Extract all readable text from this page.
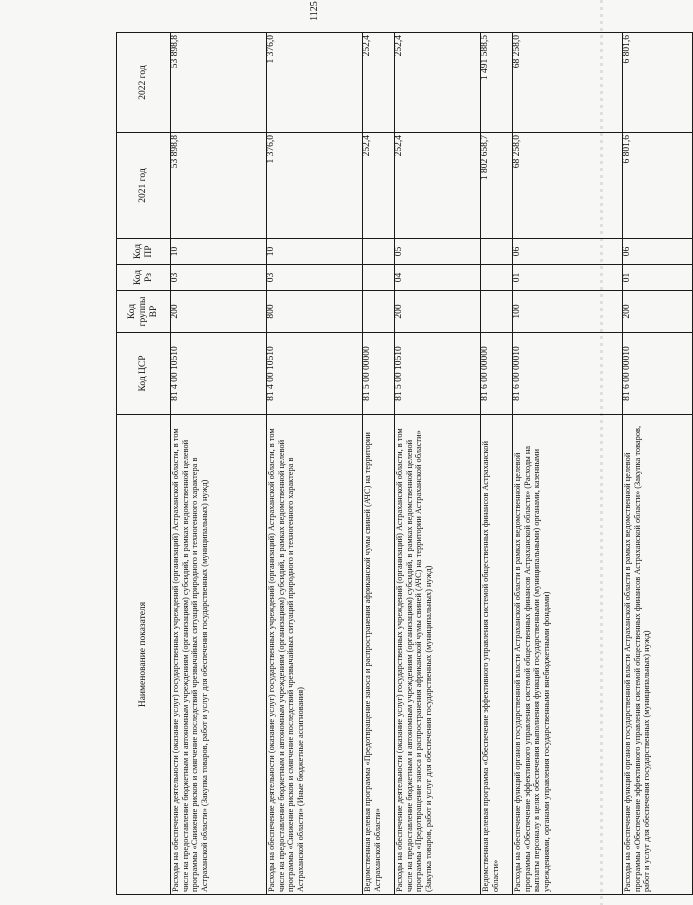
1125
Наименование показателя	Код ЦСР	Код группы ВР	Код Рз	Код ПР	2021 год	2022 год
Расходы на обеспечение деятельности (оказание услуг) государственных учреждений (организаций) Астраханской области, в том числе на предоставление бюджетным и автономным учреждениям (организациям) субсидий, в рамках ведомственной целевой программы «Снижение рисков и смягчение последствий чрезвычайных ситуаций природного и техногенного характера в Астраханской области» (Закупка товаров, работ и услуг для обеспечения государственных (муниципальных) нужд)	81 4 00 10510	200	03	10	53 898,8	53 898,8
Расходы на обеспечение деятельности (оказание услуг) государственных учреждений (организаций) Астраханской области, в том числе на предоставление бюджетным и автономным учреждениям (организациям) субсидий, в рамках ведомственной целевой программы «Снижение рисков и смягчение последствий чрезвычайных ситуаций природного и техногенного характера в Астраханской области» (Иные бюджетные ассигнования)	81 4 00 10510	800	03	10	1 376,0	1 376,0
Ведомственная целевая программа «Предотвращение заноса и распространения африканской чумы свиней (АЧС) на территории Астраханской области»	81 5 00 00000				252,4	252,4
Расходы на обеспечение деятельности (оказание услуг) государственных учреждений (организаций) Астраханской области, в том числе на предоставление бюджетным и автономным учреждениям (организациям) субсидий, в рамках ведомственной целевой программы «Предотвращение заноса и распространения африканской чумы свиней (АЧС) на территории Астраханской области» (Закупка товаров, работ и услуг для обеспечения государственных (муниципальных) нужд)	81 5 00 10510	200	04	05	252,4	252,4
Ведомственная целевая программа «Обеспечение эффективного управления системой общественных финансов Астраханской области»	81 6 00 00000				1 802 658,7	1 491 588,5
Расходы на обеспечение функций органов государственной власти Астраханской области в рамках ведомственной целевой программы «Обеспечение эффективного управления системой общественных финансов Астраханской области» (Расходы на выплаты персоналу в целях обеспечения выполнения функций государственными (муниципальными) органами, казенными учреждениями, органами управления государственными внебюджетными фондами)	81 6 00 00010	100	01	06	68 258,0	68 258,0
Расходы на обеспечение функций органов государственной власти Астраханской области в рамках ведомственной целевой программы «Обеспечение эффективного управления системой общественных финансов Астраханской области» (Закупка товаров, работ и услуг для обеспечения государственных (муниципальных) нужд)	81 6 00 00010	200	01	06	6 801,6	6 801,6
